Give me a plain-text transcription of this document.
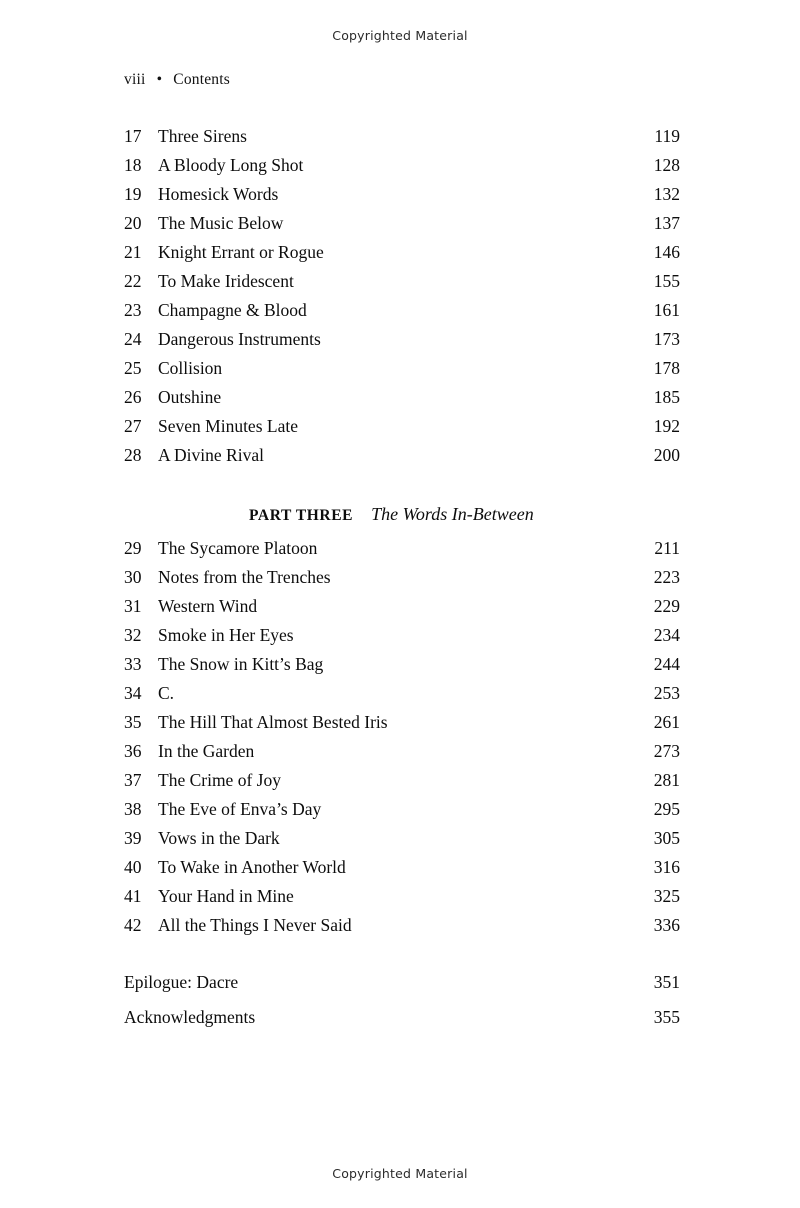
Copyrighted Material
viii • Contents
17 Three Sirens	119
18 A Bloody Long Shot	128
19 Homesick Words	132
20 The Music Below	137
21 Knight Errant or Rogue	146
22 To Make Iridescent	155
23 Champagne & Blood	161
24 Dangerous Instruments	173
25 Collision	178
26 Outshine	185
27 Seven Minutes Late	192
28 A Divine Rival	200
PART THREE The Words In-Between
29 The Sycamore Platoon	211
30 Notes from the Trenches	223
31 Western Wind	229
32 Smoke in Her Eyes	234
33 The Snow in Kitt’s Bag	244
34 C.	253
35 The Hill That Almost Bested Iris	261
36 In the Garden	273
37 The Crime of Joy	281
38 The Eve of Enva’s Day	295
39 Vows in the Dark	305
40 To Wake in Another World	316
41 Your Hand in Mine	325
42 All the Things I Never Said	336
Epilogue: Dacre	351
Acknowledgments	355
Copyrighted Material
